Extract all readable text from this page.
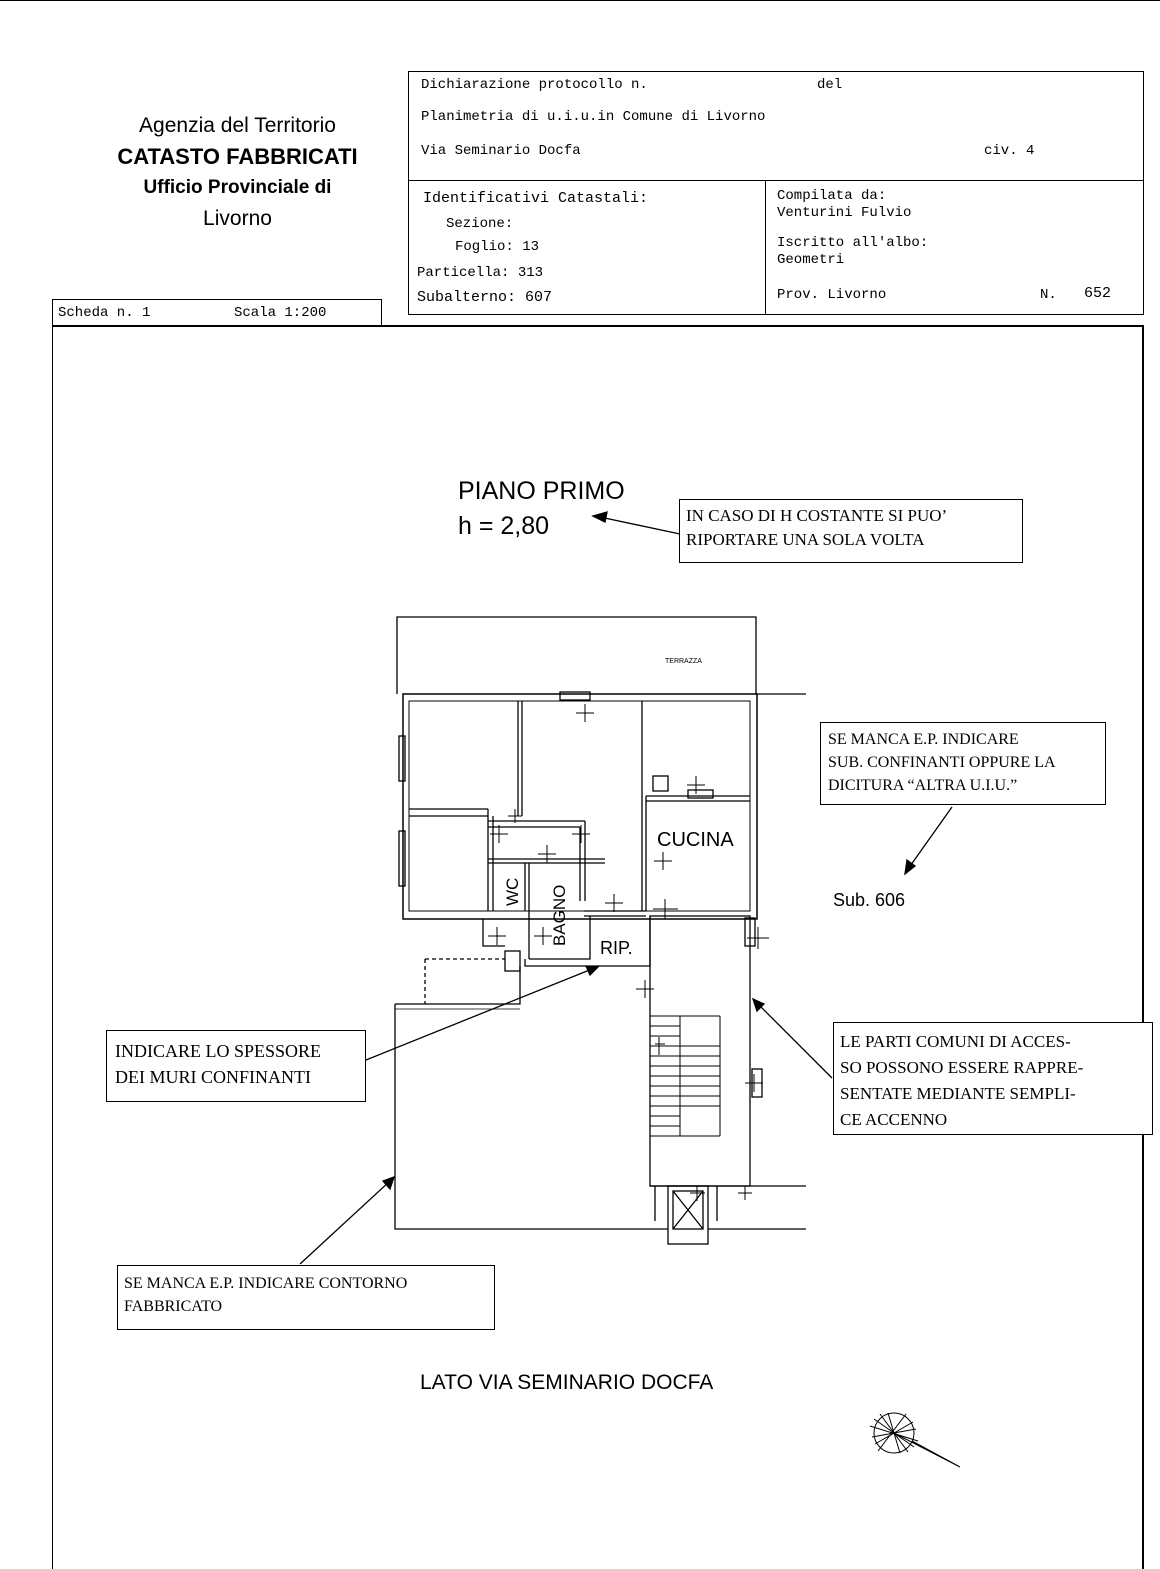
Agenzia del Territorio
CATASTO FABBRICATI
Ufficio Provinciale di
Livorno
Dichiarazione protocollo n.	del
Planimetria di u.i.u.in Comune di Livorno
Via Seminario Docfa	civ. 4
Identificativi Catastali:
Sezione:
Foglio: 13
Particella: 313
Subalterno: 607
Compilata da:
Venturini Fulvio
Iscritto all'albo:
Geometri
Prov. Livorno	N. 652
Scheda n. 1	Scala 1:200
TERRAZZA
CUCINA
WC BAGNO
RIP.
PIANO PRIMO
h = 2,80
Sub. 606
LATO VIA SEMINARIO DOCFA
IN CASO DI H COSTANTE SI PUO’
RIPORTARE UNA SOLA VOLTA
SE MANCA E.P. INDICARE
SUB. CONFINANTI OPPURE LA
DICITURA “ALTRA U.I.U.”
INDICARE LO SPESSORE
DEI MURI CONFINANTI
LE PARTI COMUNI DI ACCES-
SO POSSONO ESSERE RAPPRE-
SENTATE MEDIANTE SEMPLI-
CE ACCENNO
SE MANCA E.P. INDICARE CONTORNO
FABBRICATO
